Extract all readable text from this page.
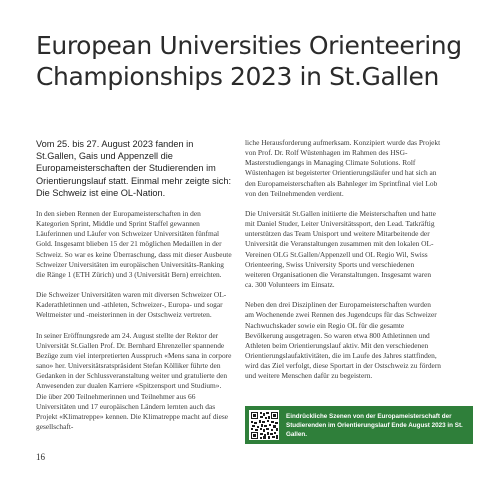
European Universities Orienteering
Championships 2023 in St.Gallen

Vom 25. bis 27. August 2023 fanden in St.Gallen, Gais und Appenzell die Europameisterschaften der Studierenden im Orientierungslauf statt. Einmal mehr zeigte sich: Die Schweiz ist eine OL-Nation.

In den sieben Rennen der Europameisterschaften in den Kategorien Sprint, Middle und Sprint Staffel gewannen Läuferinnen und Läufer von Schweizer Universitäten fünfmal Gold. Insgesamt blieben 15 der 21 möglichen Medaillen in der Schweiz. So war es keine Überraschung, dass mit dieser Ausbeute Schweizer Universitäten im europäischen Universitäts-Ranking die Ränge 1 (ETH Zürich) und 3 (Universität Bern) erreichten.

Die Schweizer Universitäten waren mit diversen Schweizer OL-Kaderathletinnen und -athleten, Schweizer-, Europa- und sogar Weltmeister und -meisterinnen in der Ostschweiz vertreten.

In seiner Eröffnungsrede am 24. August stellte der Rektor der Universität St.Gallen Prof. Dr. Bernhard Ehrenzeller spannende Bezüge zum viel interpretierten Ausspruch «Mens sana in corpore sano» her. Universitätsratspräsident Stefan Kölliker führte den Gedanken in der Schlussveranstaltung weiter und gratulierte den Anwesenden zur dualen Karriere «Spitzensport und Studium». Die über 200 Teilnehmerinnen und Teilnehmer aus 66 Universitäten und 17 europäischen Ländern lernten auch das Projekt «Klimatreppe» kennen. Die Klimatreppe macht auf diese gesellschaft-

liche Herausforderung aufmerksam. Konzipiert wurde das Projekt von Prof. Dr. Rolf Wüstenhagen im Rahmen des HSG-Masterstudiengangs in Managing Climate Solutions. Rolf Wüstenhagen ist begeisterter Orientierungsläufer und hat sich an den Europameisterschaften als Bahnleger im Sprintfinal viel Lob von den Teilnehmenden verdient.

Die Universität St.Gallen initiierte die Meisterschaften und hatte mit Daniel Studer, Leiter Universitätssport, den Lead. Tatkräftig unterstützen das Team Unisport und weitere Mitarbeitende der Universität die Veranstaltungen zusammen mit den lokalen OL-Vereinen OLG St.Gallen/Appenzell und OL Regio Wil, Swiss Orienteering, Swiss University Sports und verschiedenen weiteren Organisationen die Veranstaltungen. Insgesamt waren ca. 300 Volunteers im Einsatz.

Neben den drei Disziplinen der Europameisterschaften wurden am Wochenende zwei Rennen des Jugendcups für das Schweizer Nachwuchskader sowie ein Regio OL für die gesamte Bevölkerung ausgetragen. So waren etwa 800 Athletinnen und Athleten beim Orientierungslauf aktiv. Mit den verschiedenen Orientierungslaufaktivitäten, die im Laufe des Jahres stattfinden, wird das Ziel verfolgt, diese Sportart in der Ostschweiz zu fördern und weitere Menschen dafür zu begeistern.

Eindrückliche Szenen von der Europameisterschaft der Studierenden im Orientierungslauf Ende August 2023 in St. Gallen.
16
